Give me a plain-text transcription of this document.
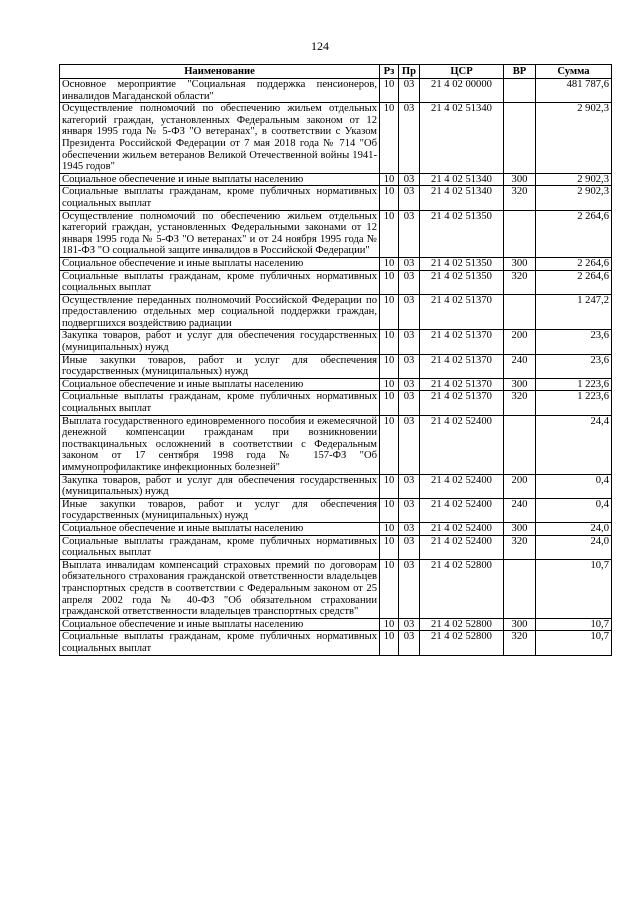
124
Наименование	Рз	Пр	ЦСР	ВР	Сумма
Основное мероприятие "Социальная поддержка пенсионеров, инвалидов Магаданской области"	10	03	21 4 02 00000		481 787,6
Осуществление полномочий по обеспечению жильем отдельных категорий граждан, установленных Федеральным законом от 12 января 1995 года № 5-ФЗ "О ветеранах", в соответствии с Указом Президента Российской Федерации от 7 мая 2018 года № 714 "Об обеспечении жильем ветеранов Великой Отечественной войны 1941-1945 годов"	10	03	21 4 02 51340		2 902,3
Социальное обеспечение и иные выплаты населению	10	03	21 4 02 51340	300	2 902,3
Социальные выплаты гражданам, кроме публичных нормативных социальных выплат	10	03	21 4 02 51340	320	2 902,3
Осуществление полномочий по обеспечению жильем отдельных категорий граждан, установленных Федеральными законами от 12 января 1995 года № 5-ФЗ "О ветеранах" и от 24 ноября 1995 года № 181-ФЗ "О социальной защите инвалидов в Российской Федерации"	10	03	21 4 02 51350		2 264,6
Социальное обеспечение и иные выплаты населению	10	03	21 4 02 51350	300	2 264,6
Социальные выплаты гражданам, кроме публичных нормативных социальных выплат	10	03	21 4 02 51350	320	2 264,6
Осуществление переданных полномочий Российской Федерации по предоставлению отдельных мер социальной поддержки граждан, подвергшихся воздействию радиации	10	03	21 4 02 51370		1 247,2
Закупка товаров, работ и услуг для обеспечения государственных (муниципальных) нужд	10	03	21 4 02 51370	200	23,6
Иные закупки товаров, работ и услуг для обеспечения государственных (муниципальных) нужд	10	03	21 4 02 51370	240	23,6
Социальное обеспечение и иные выплаты населению	10	03	21 4 02 51370	300	1 223,6
Социальные выплаты гражданам, кроме публичных нормативных социальных выплат	10	03	21 4 02 51370	320	1 223,6
Выплата государственного единовременного пособия и ежемесячной денежной компенсации гражданам при возникновении поствакцинальных осложнений в соответствии с Федеральным законом от 17 сентября 1998 года № 157-ФЗ "Об иммунопрофилактике инфекционных болезней"	10	03	21 4 02 52400		24,4
Закупка товаров, работ и услуг для обеспечения государственных (муниципальных) нужд	10	03	21 4 02 52400	200	0,4
Иные закупки товаров, работ и услуг для обеспечения государственных (муниципальных) нужд	10	03	21 4 02 52400	240	0,4
Социальное обеспечение и иные выплаты населению	10	03	21 4 02 52400	300	24,0
Социальные выплаты гражданам, кроме публичных нормативных социальных выплат	10	03	21 4 02 52400	320	24,0
Выплата инвалидам компенсаций страховых премий по договорам обязательного страхования гражданской ответственности владельцев транспортных средств в соответствии с Федеральным законом от 25 апреля 2002 года № 40-ФЗ "Об обязательном страховании гражданской ответственности владельцев транспортных средств"	10	03	21 4 02 52800		10,7
Социальное обеспечение и иные выплаты населению	10	03	21 4 02 52800	300	10,7
Социальные выплаты гражданам, кроме публичных нормативных социальных выплат	10	03	21 4 02 52800	320	10,7
